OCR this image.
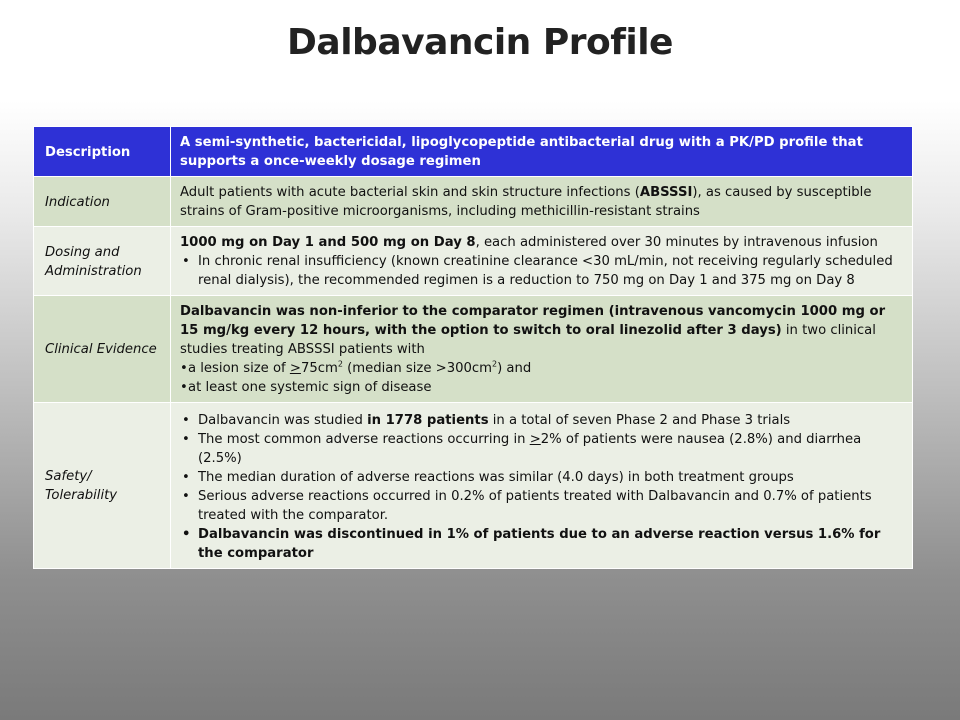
Dalbavancin Profile
Description	A semi-synthetic, bactericidal, lipoglycopeptide antibacterial drug with a PK/PD profile that supports a once-weekly dosage regimen
Indication	Adult patients with acute bacterial skin and skin structure infections (ABSSSI), as caused by susceptible strains of Gram-positive microorganisms, including methicillin-resistant strains
Dosing and Administration	1000 mg on Day 1 and 500 mg on Day 8, each administered over 30 minutes by intravenous infusion
• In chronic renal insufficiency (known creatinine clearance <30 mL/min, not receiving regularly scheduled renal dialysis), the recommended regimen is a reduction to 750 mg on Day 1 and 375 mg on Day 8

Clinical Evidence	Dalbavancin was non-inferior to the comparator regimen (intravenous vancomycin 1000 mg or 15 mg/kg every 12 hours, with the option to switch to oral linezolid after 3 days) in two clinical studies treating ABSSSI patients with
• a lesion size of $\ge 75cm^2$ (median size $>300cm^2$) and
• at least one systemic sign of disease

Safety/ Tolerability	• Dalbavancin was studied in 1778 patients in a total of seven Phase 2 and Phase 3 trials
• The most common adverse reactions occurring in ≥2% of patients were nausea (2.8%) and diarrhea (2.5%)
• The median duration of adverse reactions was similar (4.0 days) in both treatment groups
• Serious adverse reactions occurred in 0.2% of patients treated with Dalbavancin and 0.7% of patients treated with the comparator.
• Dalbavancin was discontinued in 1% of patients due to an adverse reaction versus 1.6% for the comparator
